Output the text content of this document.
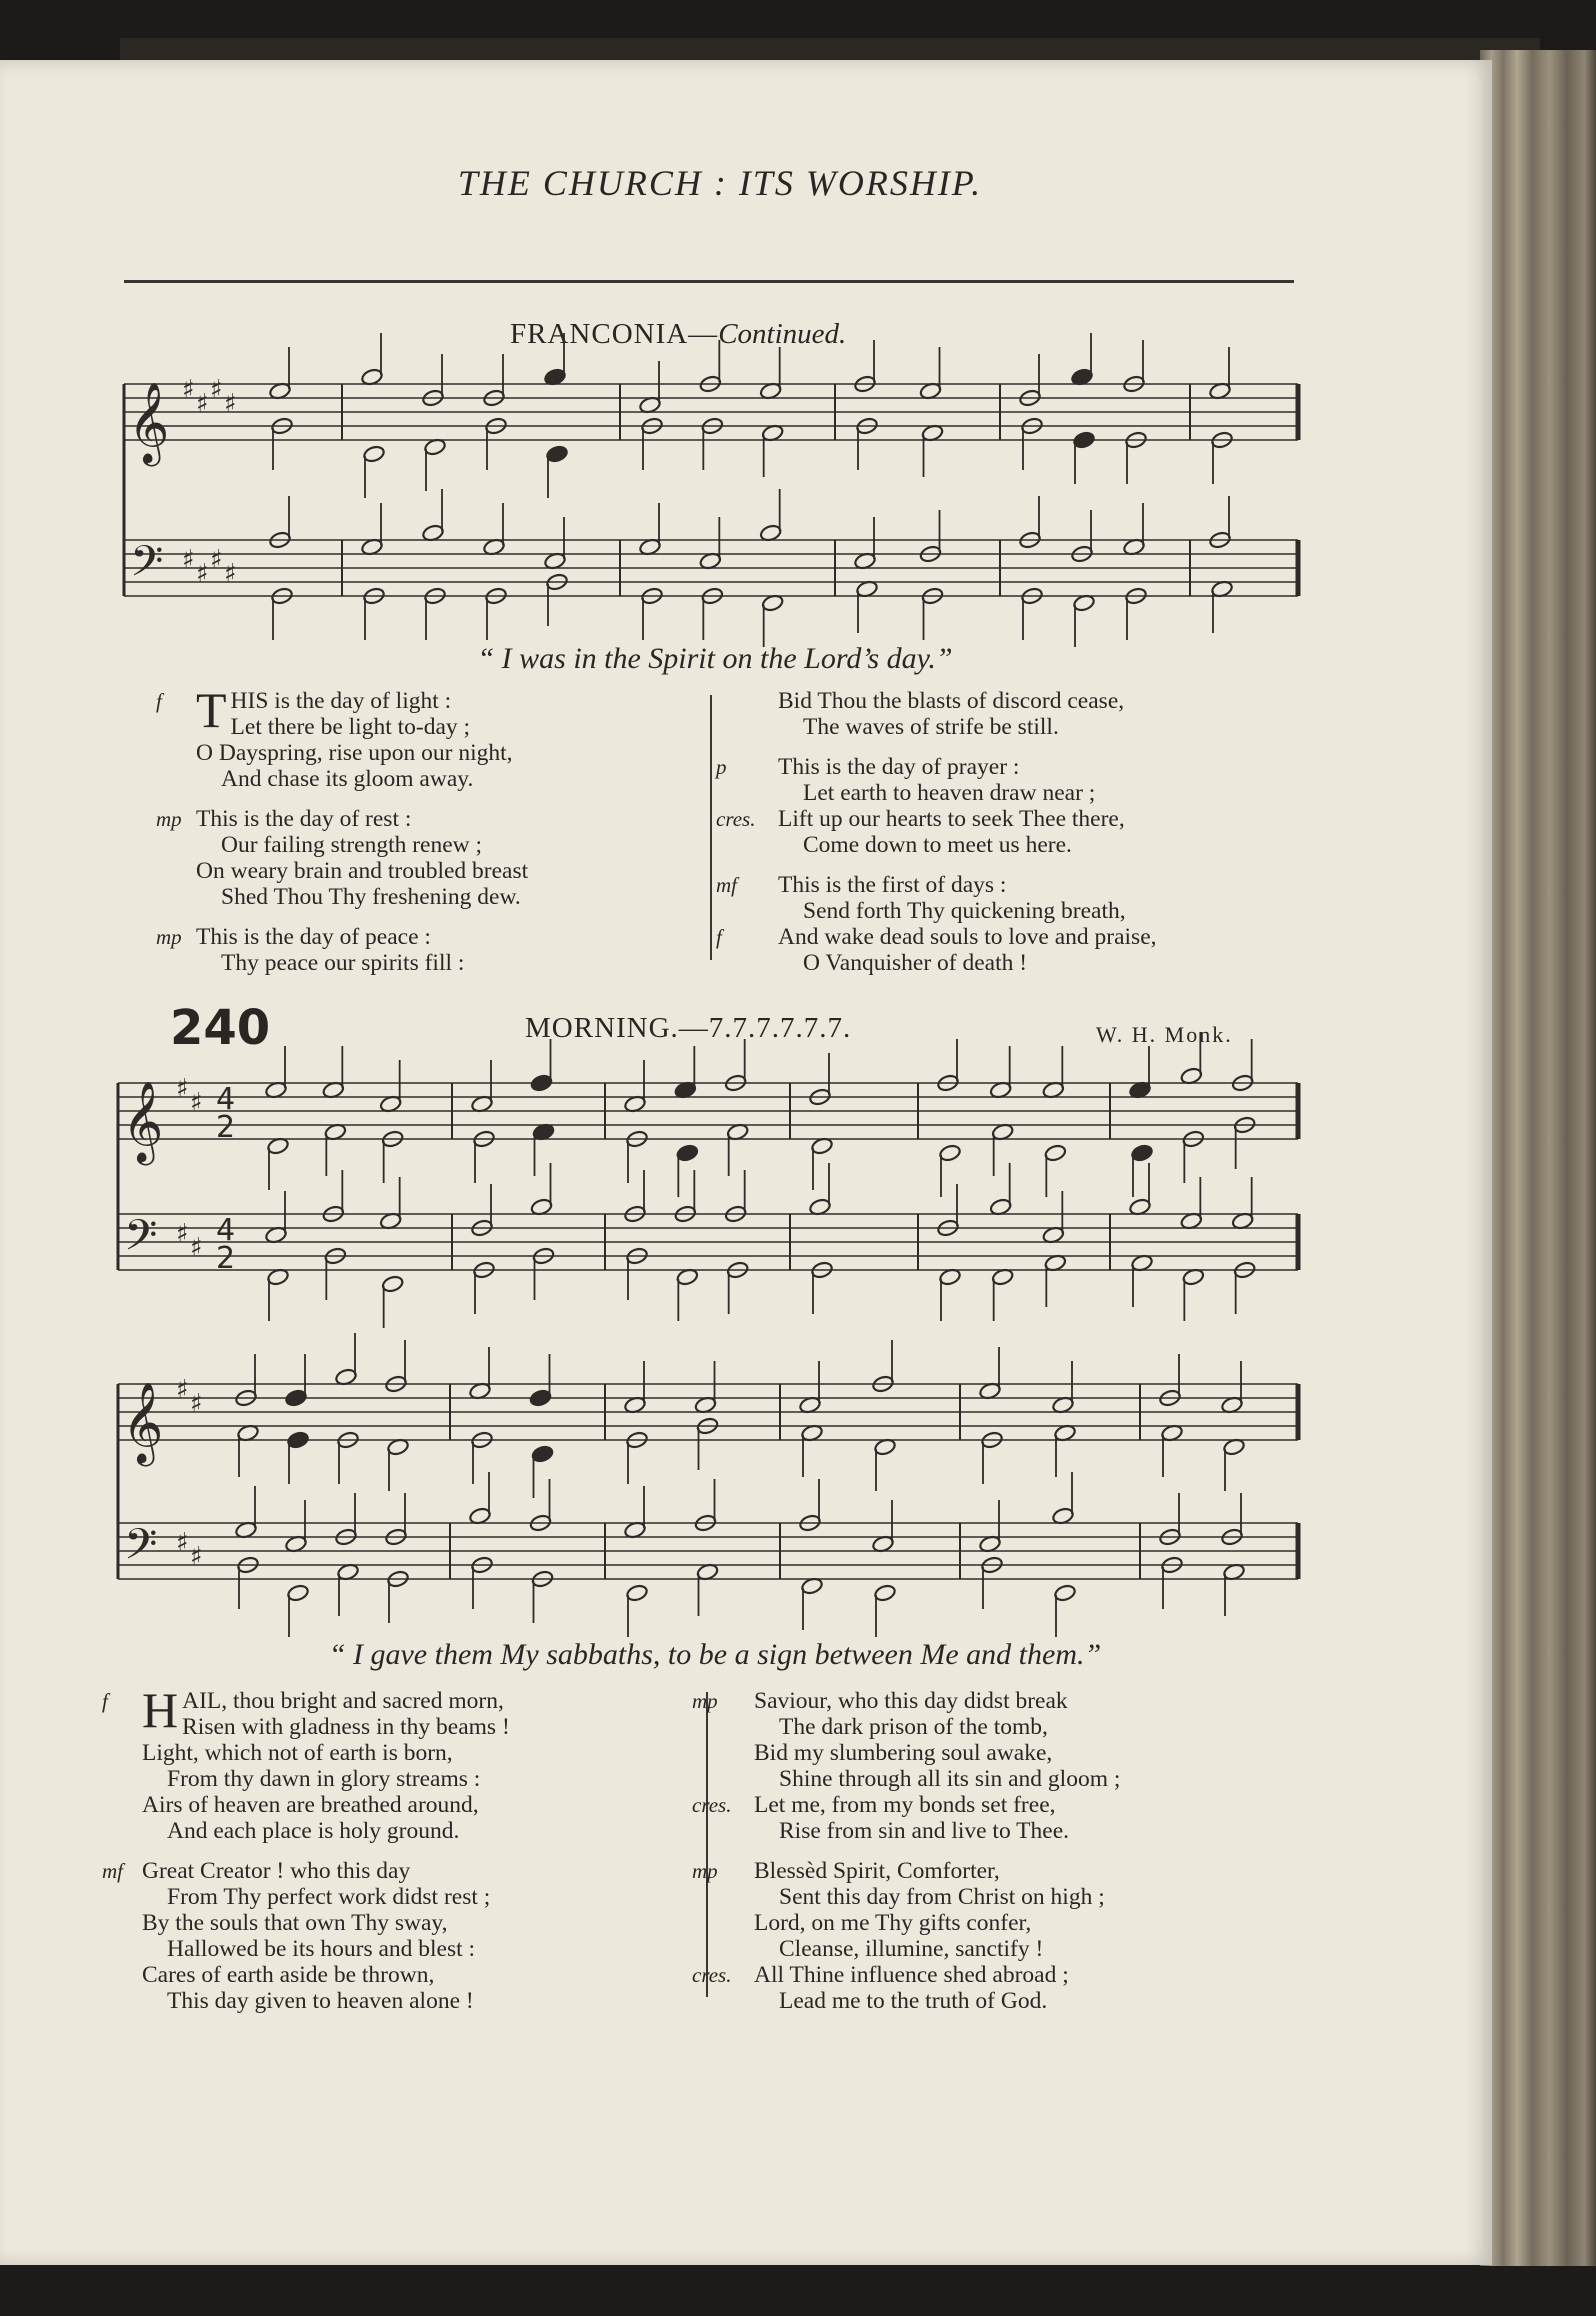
THE CHURCH : ITS WORSHIP.
FRANCONIA—Continued.
𝄞
𝄢
♯
♯
♯
♯
♯
♯
♯
♯
𝄞
𝄢
♯
♯
♯
♯
4
2
4
2
𝄞
𝄢
♯
♯
♯
♯
“ I was in the Spirit on the Lord’s day.”
f T HIS is the day of light :
Let there be light to-day ;
O Dayspring, rise upon our night,
And chase its gloom away.
mp This is the day of rest :
Our failing strength renew ;
On weary brain and troubled breast
Shed Thou Thy freshening dew.
mp This is the day of peace :
Thy peace our spirits fill :
Bid Thou the blasts of discord cease,
The waves of strife be still.
p This is the day of prayer :
Let earth to heaven draw near ;
cres. Lift up our hearts to seek Thee there,
Come down to meet us here.
mf This is the first of days :
Send forth Thy quickening breath,
f And wake dead souls to love and praise,
O Vanquisher of death !
240	MORNING.—7.7.7.7.7.7.	W. H. Monk.
“ I gave them My sabbaths, to be a sign between Me and them.”
f H AIL, thou bright and sacred morn,
Risen with gladness in thy beams !
Light, which not of earth is born,
From thy dawn in glory streams :
Airs of heaven are breathed around,
And each place is holy ground.
mf Great Creator ! who this day
From Thy perfect work didst rest ;
By the souls that own Thy sway,
Hallowed be its hours and blest :
Cares of earth aside be thrown,
This day given to heaven alone !
mp Saviour, who this day didst break
The dark prison of the tomb,
Bid my slumbering soul awake,
Shine through all its sin and gloom ;
cres. Let me, from my bonds set free,
Rise from sin and live to Thee.
mp Blessèd Spirit, Comforter,
Sent this day from Christ on high ;
Lord, on me Thy gifts confer,
Cleanse, illumine, sanctify !
cres. All Thine influence shed abroad ;
Lead me to the truth of God.
